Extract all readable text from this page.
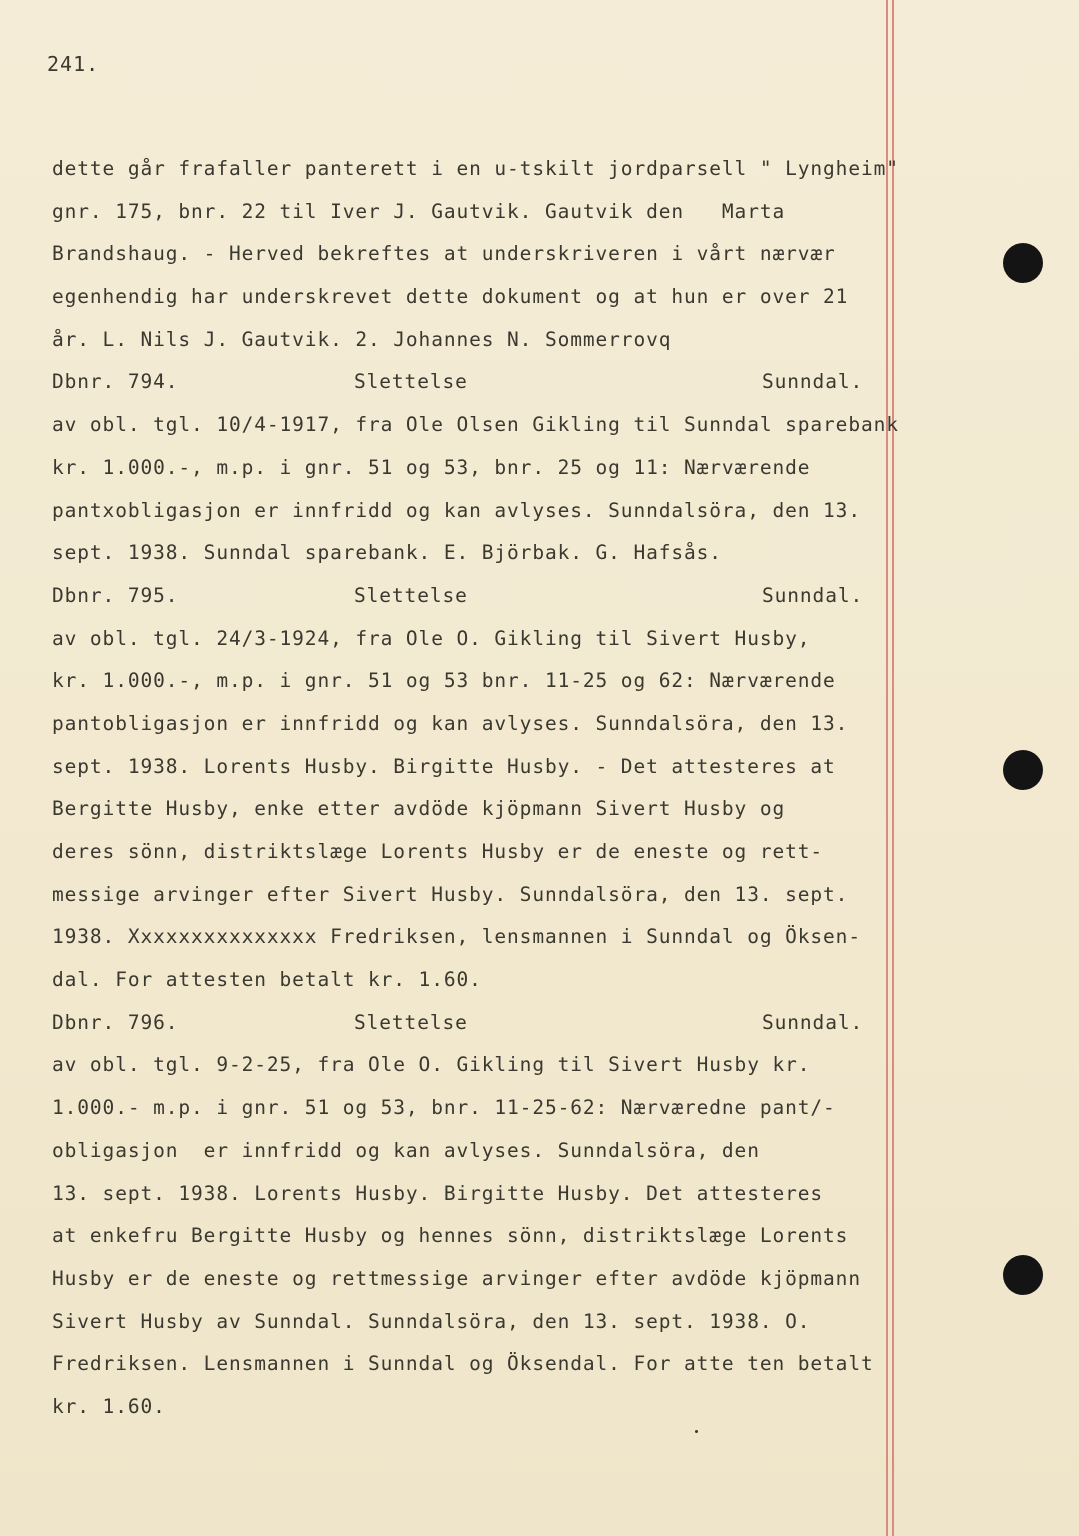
241.
dette går frafaller panterett i en u-tskilt jordparsell " Lyngheim"
gnr. 175, bnr. 22 til Iver J. Gautvik. Gautvik den   Marta
Brandshaug. - Herved bekreftes at underskriveren i vårt nærvær
egenhendig har underskrevet dette dokument og at hun er over 21
år. L. Nils J. Gautvik. 2. Johannes N. Sommerrovq

Dbnr. 794.

	Slettelse

	Sunndal.

av obl. tgl. 10/4-1917, fra Ole Olsen Gikling til Sunndal sparebank
kr. 1.000.-, m.p. i gnr. 51 og 53, bnr. 25 og 11: Nærværende
pantxobligasjon er innfridd og kan avlyses. Sunndalsöra, den 13.
sept. 1938. Sunndal sparebank. E. Björbak. G. Hafsås.

Dbnr. 795.

	Slettelse

	Sunndal.

av obl. tgl. 24/3-1924, fra Ole O. Gikling til Sivert Husby,
kr. 1.000.-, m.p. i gnr. 51 og 53 bnr. 11-25 og 62: Nærværende
pantobligasjon er innfridd og kan avlyses. Sunndalsöra, den 13.
sept. 1938. Lorents Husby. Birgitte Husby. - Det attesteres at
Bergitte Husby, enke etter avdöde kjöpmann Sivert Husby og
deres sönn, distriktslæge Lorents Husby er de eneste og rett-
messige arvinger efter Sivert Husby. Sunndalsöra, den 13. sept.
1938. Xxxxxxxxxxxxxxx Fredriksen, lensmannen i Sunndal og Öksen-
dal. For attesten betalt kr. 1.60.

Dbnr. 796.

	Slettelse

	Sunndal.

av obl. tgl. 9-2-25, fra Ole O. Gikling til Sivert Husby kr.
1.000.- m.p. i gnr. 51 og 53, bnr. 11-25-62: Nærværedne pant/-
obligasjon  er innfridd og kan avlyses. Sunndalsöra, den
13. sept. 1938. Lorents Husby. Birgitte Husby. Det attesteres
at enkefru Bergitte Husby og hennes sönn, distriktslæge Lorents
Husby er de eneste og rettmessige arvinger efter avdöde kjöpmann
Sivert Husby av Sunndal. Sunndalsöra, den 13. sept. 1938. O.
Fredriksen. Lensmannen i Sunndal og Öksendal. For atte ten betalt
kr. 1.60.
